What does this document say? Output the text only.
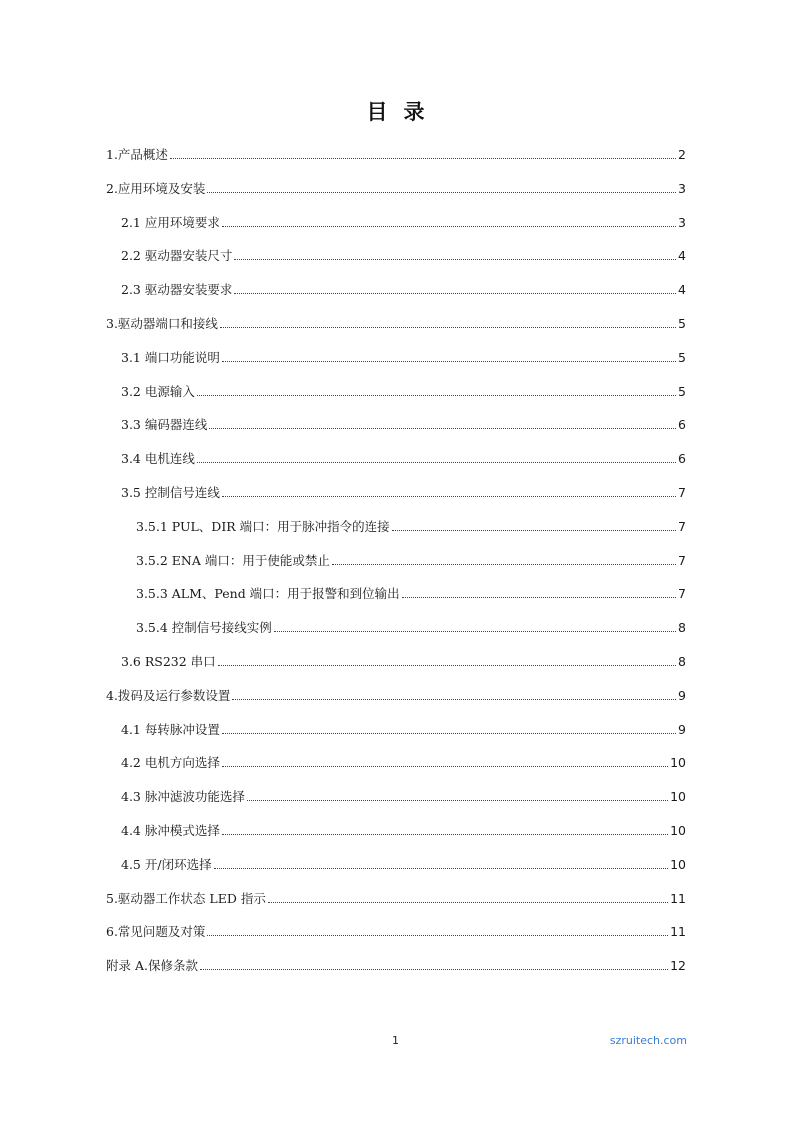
目 录
1.产品概述	2
2.应用环境及安装	3
2.1 应用环境要求	3
2.2 驱动器安装尺寸	4
2.3 驱动器安装要求	4
3.驱动器端口和接线	5
3.1 端口功能说明	5
3.2 电源输入	5
3.3 编码器连线	6
3.4 电机连线	6
3.5 控制信号连线	7
3.5.1 PUL、DIR 端口：用于脉冲指令的连接	7
3.5.2 ENA 端口：用于使能或禁止	7
3.5.3 ALM、Pend 端口：用于报警和到位输出	7
3.5.4 控制信号接线实例	8
3.6 RS232 串口	8
4.拨码及运行参数设置	9
4.1 每转脉冲设置	9
4.2 电机方向选择	10
4.3 脉冲滤波功能选择	10
4.4 脉冲模式选择	10
4.5 开/闭环选择	10
5.驱动器工作状态 LED 指示	11
6.常见问题及对策	11
附录 A.保修条款	12
1	szruitech.com
